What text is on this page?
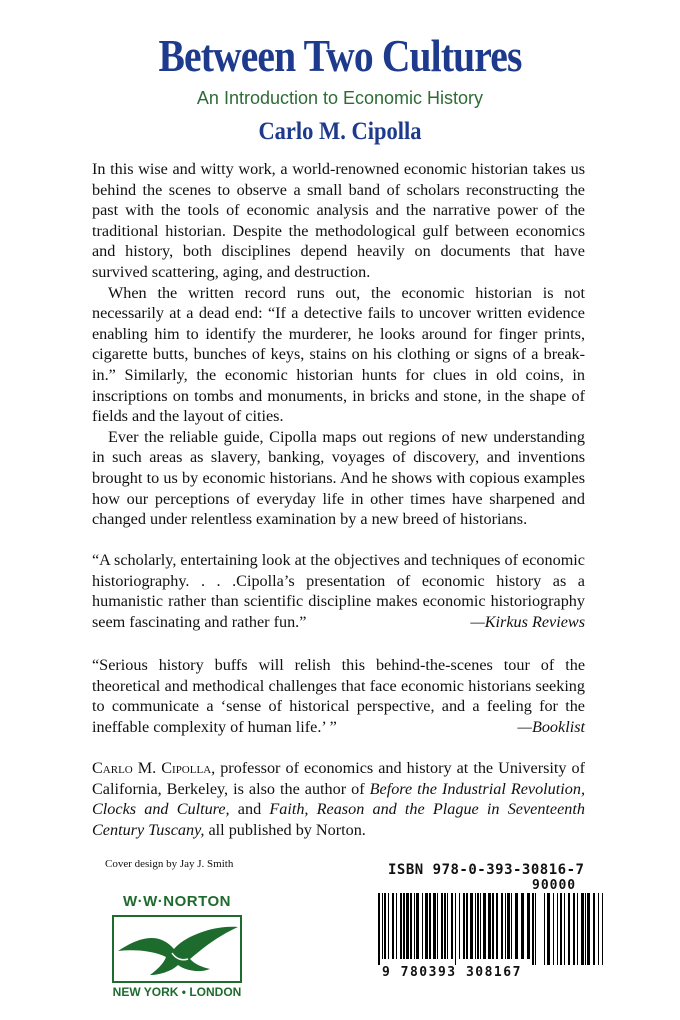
Between Two Cultures
An Introduction to Economic History
Carlo M. Cipolla

In this wise and witty work, a world-renowned economic historian takes us behind the scenes to observe a small band of scholars reconstructing the past with the tools of economic analysis and the narrative power of the traditional historian. Despite the methodological gulf between economics and history, both disciplines depend heavily on documents that have survived scattering, aging, and destruction.

When the written record runs out, the economic historian is not necessarily at a dead end: “If a detective fails to uncover written evidence enabling him to identify the murderer, he looks around for finger prints, cigarette butts, bunches of keys, stains on his clothing or signs of a break-in.” Similarly, the economic historian hunts for clues in old coins, in inscriptions on tombs and monuments, in bricks and stone, in the shape of fields and the layout of cities.

Ever the reliable guide, Cipolla maps out regions of new understanding in such areas as slavery, banking, voyages of discovery, and inventions brought to us by economic historians. And he shows with copious examples how our perceptions of everyday life in other times have sharpened and changed under relentless examination by a new breed of historians.

“A scholarly, entertaining look at the objectives and techniques of economic historiography. . . .Cipolla’s presentation of economic history as a humanistic rather than scientific discipline makes economic historiography seem fascinating and rather fun.”	—Kirkus Reviews
“Serious history buffs will relish this behind-the-scenes tour of the theoretical and methodical challenges that face economic historians seeking to communicate a ‘sense of historical perspective, and a feeling for the ineffable complexity of human life.’ ”	—Booklist
Carlo M. Cipolla, professor of economics and history at the University of California, Berkeley, is also the author of Before the Industrial Revolution, Clocks and Culture, and Faith, Reason and the Plague in Seventeenth Century Tuscany, all published by Norton.
Cover design by Jay J. Smith
W·W·NORTON
NEW YORK • LONDON
ISBN 978-0-393-30816-7
90000
9 780393 308167
